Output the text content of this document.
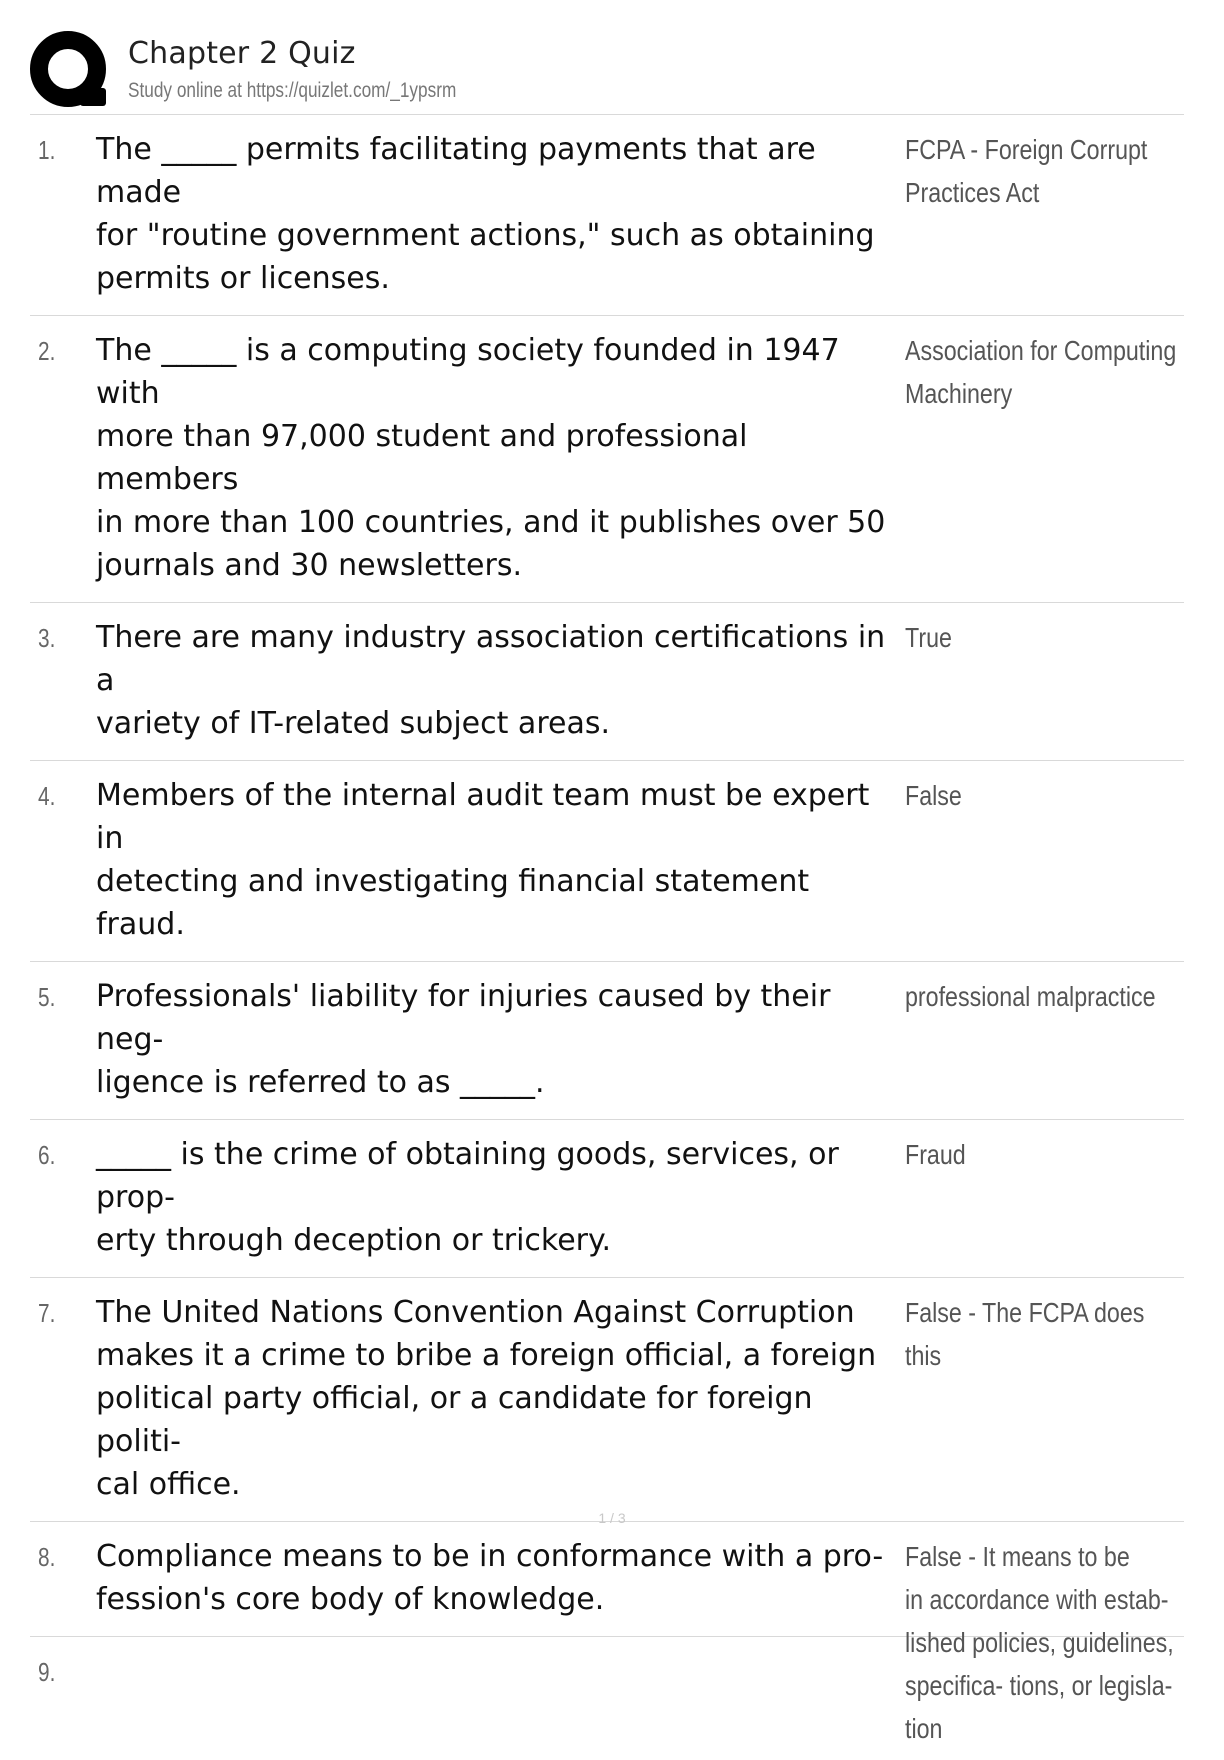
Chapter 2 Quiz
Study online at https://quizlet.com/_1ypsrm
1. The _____ permits facilitating payments that are made
for "routine government actions," such as obtaining
permits or licenses.
FCPA - Foreign Corrupt
Practices Act
2. The _____ is a computing society founded in 1947 with
more than 97,000 student and professional members
in more than 100 countries, and it publishes over 50
journals and 30 newsletters.
Association for Computing
Machinery
3. There are many industry association certifications in a
variety of IT-related subject areas.
True
4. Members of the internal audit team must be expert in
detecting and investigating financial statement fraud.
False
5. Professionals' liability for injuries caused by their neg-
ligence is referred to as _____.
professional malpractice
6. _____ is the crime of obtaining goods, services, or prop-
erty through deception or trickery.
Fraud
7. The United Nations Convention Against Corruption
makes it a crime to bribe a foreign official, a foreign
political party official, or a candidate for foreign politi-
cal office.
False - The FCPA does this
8. Compliance means to be in conformance with a pro-
fession's core body of knowledge.
False - It means to be
in accordance with estab-
lished policies, guidelines,
specifica- tions, or legisla-
tion
9.
1 / 3
